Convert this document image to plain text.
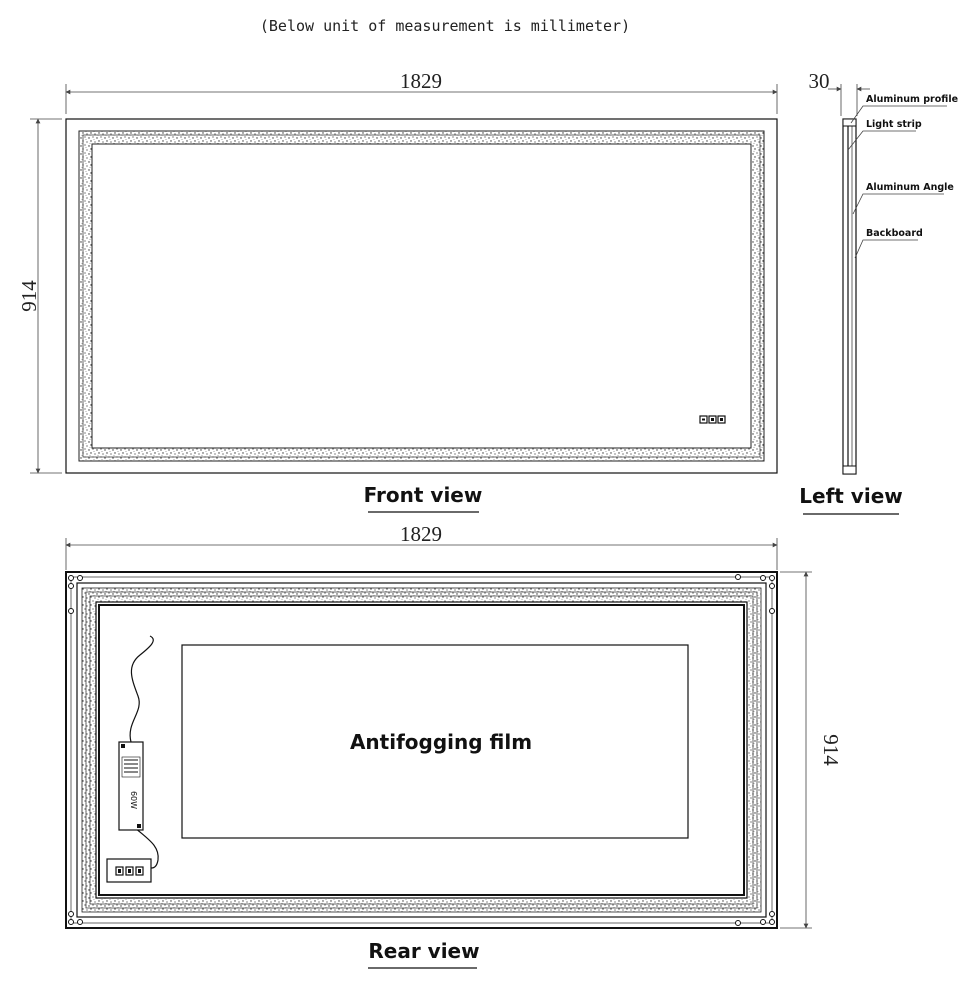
(Below unit of measurement is millimeter)
1829
914
Front view
30
Aluminum profile
Light strip
Aluminum Angle
Backboard
Left view
1829
914
Antifogging film
60W
Rear view
